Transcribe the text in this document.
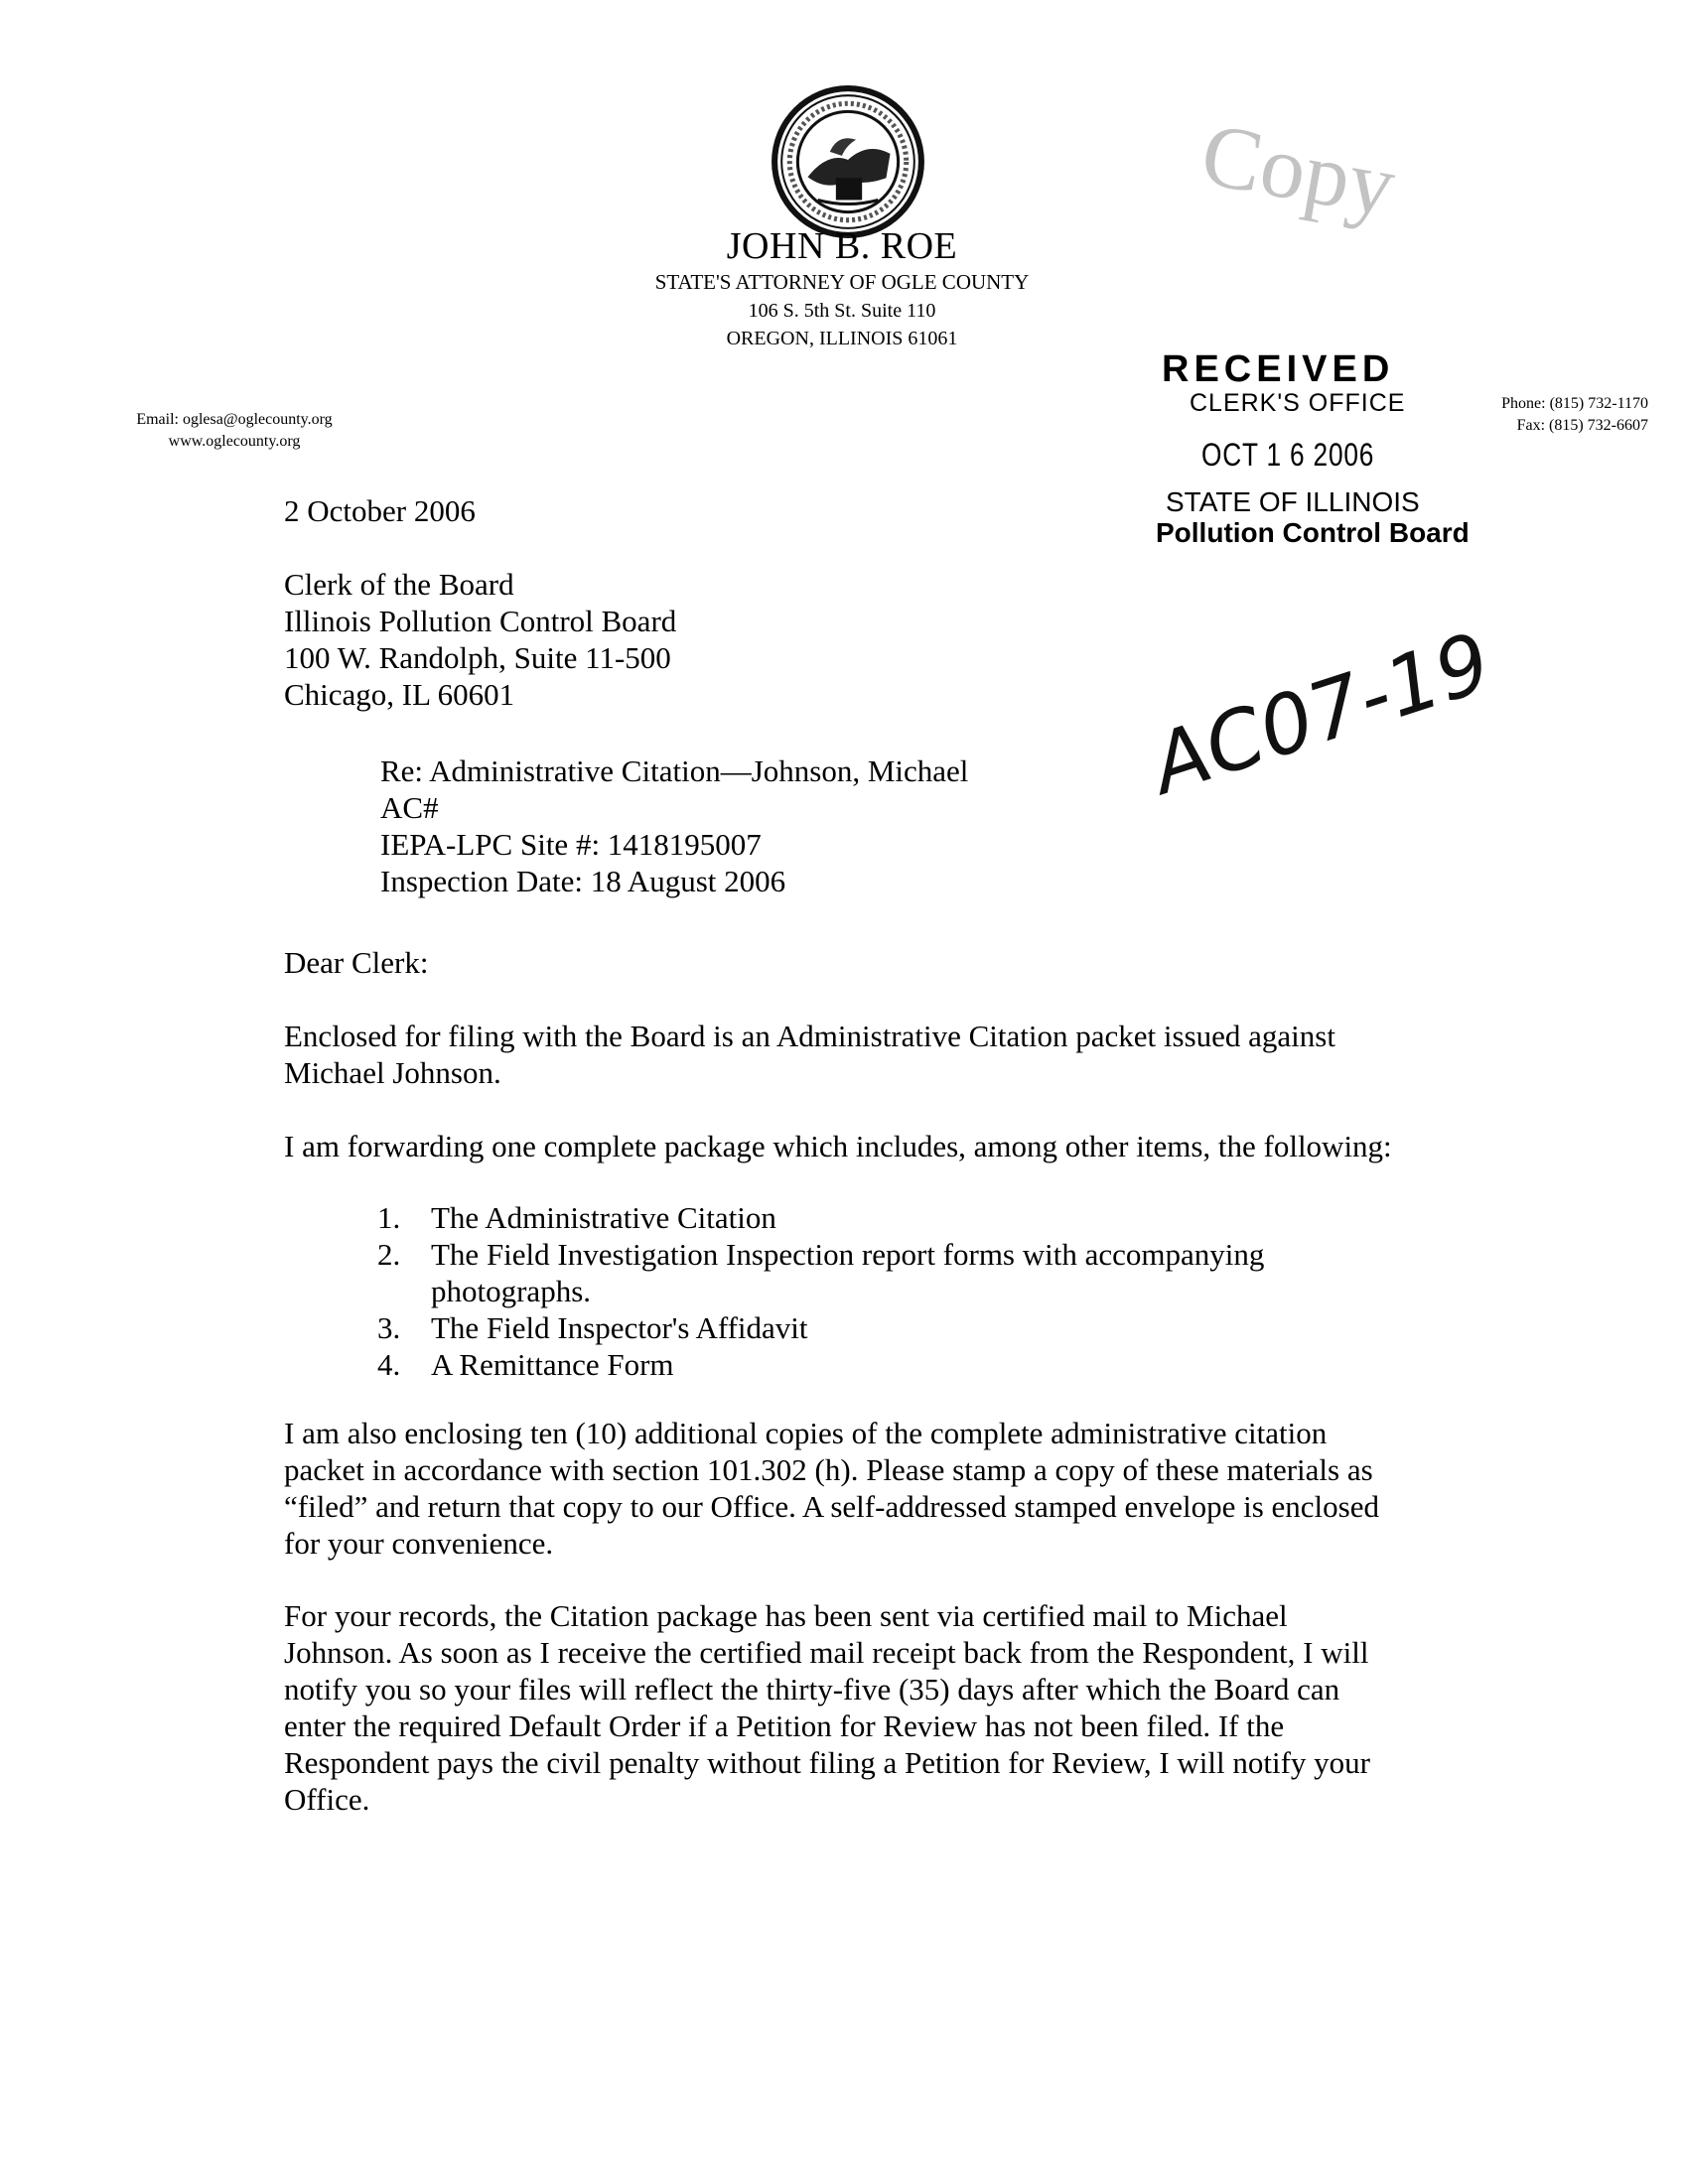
JOHN B. ROE
STATE'S ATTORNEY OF OGLE COUNTY
106 S. 5th St. Suite 110
OREGON, ILLINOIS 61061
Email: oglesa@oglecounty.org
www.oglecounty.org
Copy
RECEIVED
CLERK'S OFFICE
OCT 1 6 2006
STATE OF ILLINOIS
Pollution Control Board
Phone: (815) 732-1170
Fax: (815) 732-6607
AC07-19
2 October 2006
Clerk of the Board
Illinois Pollution Control Board
100 W. Randolph, Suite 11-500
Chicago, IL 60601
Re: Administrative Citation—Johnson, Michael
AC#
IEPA-LPC Site #: 1418195007
Inspection Date: 18 August 2006
Dear Clerk:
Enclosed for filing with the Board is an Administrative Citation packet issued against
Michael Johnson.
I am forwarding one complete package which includes, among other items, the following:
1. The Administrative Citation
2. The Field Investigation Inspection report forms with accompanying
photographs.
3. The Field Inspector's Affidavit
4. A Remittance Form
I am also enclosing ten (10) additional copies of the complete administrative citation
packet in accordance with section 101.302 (h). Please stamp a copy of these materials as
“filed” and return that copy to our Office. A self-addressed stamped envelope is enclosed
for your convenience.
For your records, the Citation package has been sent via certified mail to Michael
Johnson. As soon as I receive the certified mail receipt back from the Respondent, I will
notify you so your files will reflect the thirty-five (35) days after which the Board can
enter the required Default Order if a Petition for Review has not been filed. If the
Respondent pays the civil penalty without filing a Petition for Review, I will notify your
Office.
